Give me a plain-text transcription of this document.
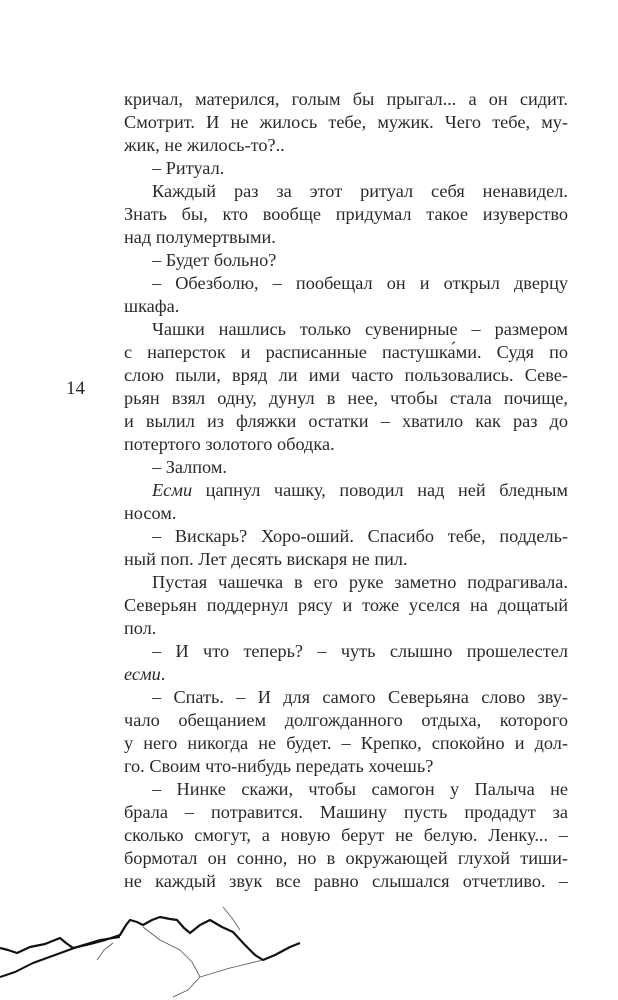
14
кричал, матерился, голым бы прыгал... а он сидит.
Смотрит. И не жилось тебе, мужик. Чего тебе, му-
жик, не жилось-то?..
– Ритуал.
Каждый раз за этот ритуал себя ненавидел.
Знать бы, кто вообще придумал такое изуверство
над полумертвыми.
– Будет больно?
– Обезболю, – пообещал он и открыл дверцу
шкафа.
Чашки нашлись только сувенирные – размером
с наперсток и расписанные пастушка́ми. Судя по
слою пыли, вряд ли ими часто пользовались. Севе-
рьян взял одну, дунул в нее, чтобы стала почище,
и вылил из фляжки остатки – хватило как раз до
потертого золотого ободка.
– Залпом.
Есми цапнул чашку, поводил над ней бледным
носом.
– Вискарь? Хоро-оший. Спасибо тебе, поддель-
ный поп. Лет десять вискаря не пил.
Пустая чашечка в его руке заметно подрагивала.
Северьян поддернул рясу и тоже уселся на дощатый
пол.
– И что теперь? – чуть слышно прошелестел
есми.
– Спать. – И для самого Северьяна слово зву-
чало обещанием долгожданного отдыха, которого
у него никогда не будет. – Крепко, спокойно и дол-
го. Своим что-нибудь передать хочешь?
– Нинке скажи, чтобы самогон у Палыча не
брала – потравится. Машину пусть продадут за
сколько смогут, а новую берут не белую. Ленку... –
бормотал он сонно, но в окружающей глухой тиши-
не каждый звук все равно слышался отчетливо. –
